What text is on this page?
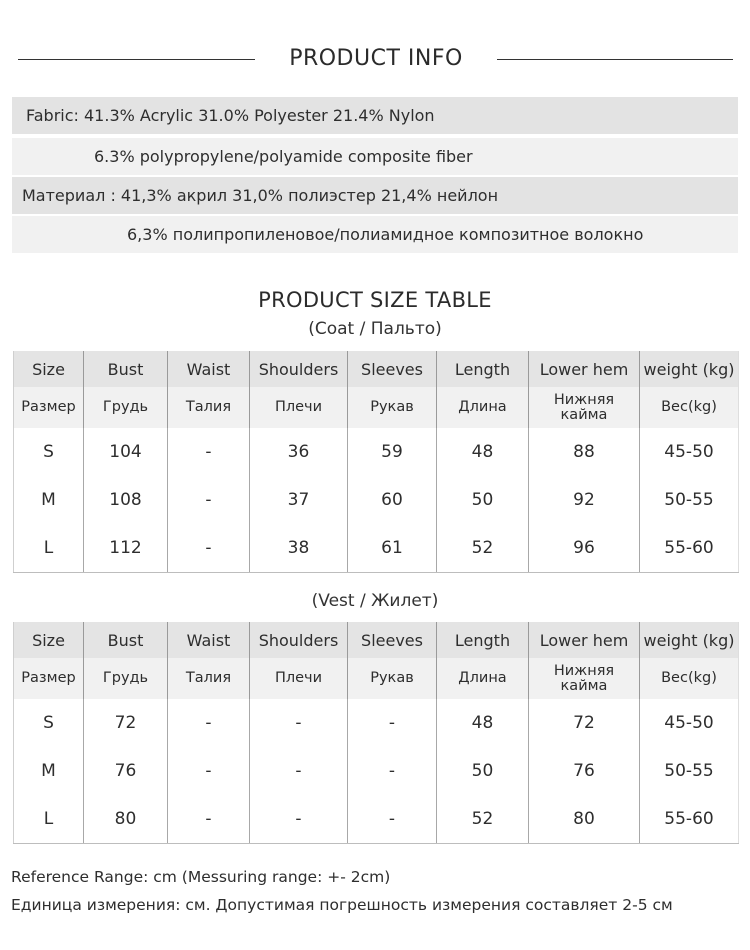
PRODUCT INFO
Fabric: 41.3% Acrylic 31.0% Polyester 21.4% Nylon
6.3% polypropylene/polyamide composite fiber
Материал : 41,3% акрил 31,0% полиэстер 21,4% нейлон
6,3% полипропиленовое/полиамидное композитное волокно
PRODUCT SIZE TABLE
(Coat / Пальто)
Size	Bust	Waist	Shoulders	Sleeves	Length	Lower hem	weight (kg)
Размер	Грудь	Талия	Плечи	Рукав	Длина	Нижняя кайма	Вес(kg)
S	104	-	36	59	48	88	45-50
M	108	-	37	60	50	92	50-55
L	112	-	38	61	52	96	55-60
(Vest / Жилет)
Size	Bust	Waist	Shoulders	Sleeves	Length	Lower hem	weight (kg)
Размер	Грудь	Талия	Плечи	Рукав	Длина	Нижняя кайма	Вес(kg)
S	72	-	-	-	48	72	45-50
M	76	-	-	-	50	76	50-55
L	80	-	-	-	52	80	55-60
Reference Range: cm (Messuring range: +- 2cm)
Единица измерения: см. Допустимая погрешность измерения составляет 2-5 см
